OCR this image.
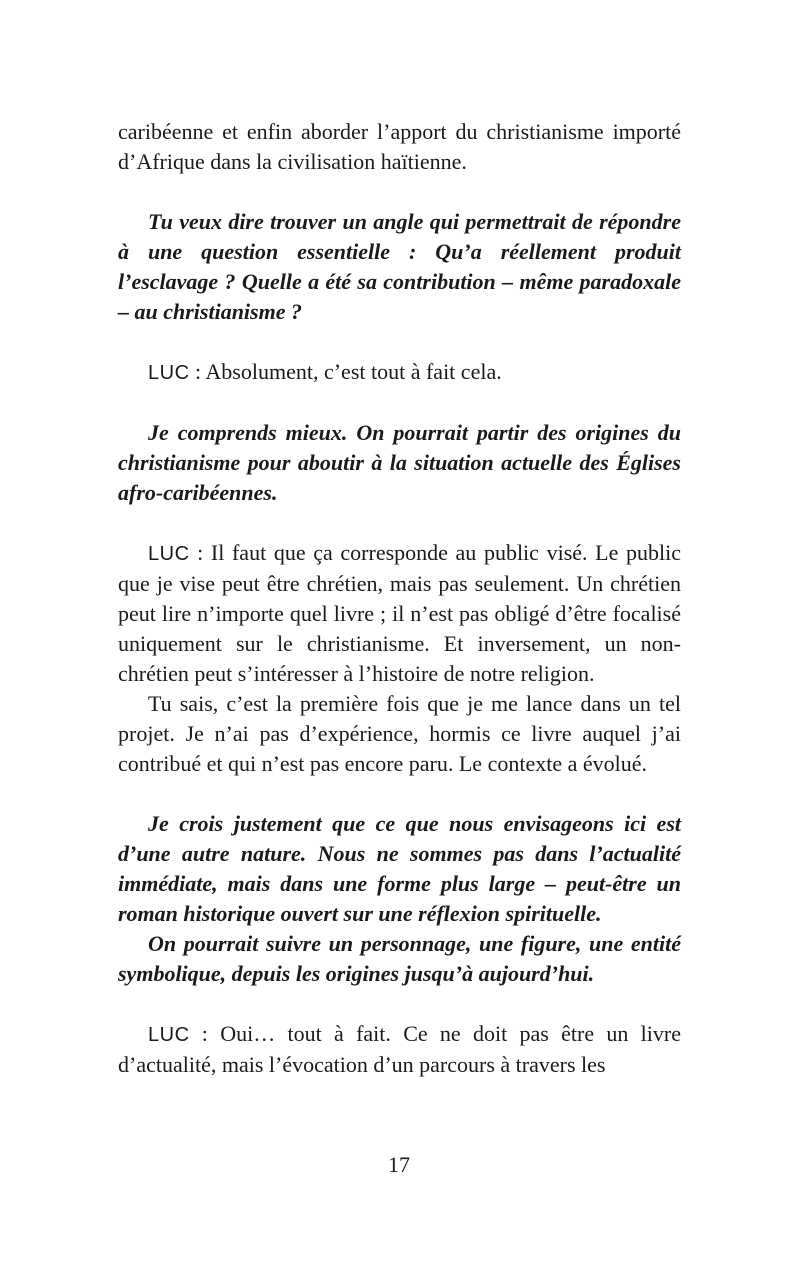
caribéenne et enfin aborder l’apport du christianisme importé d’Afrique dans la civilisation haïtienne.

Tu veux dire trouver un angle qui permettrait de répondre à une question essentielle : Qu’a réellement produit l’esclavage ? Quelle a été sa contribution – même paradoxale – au christianisme ?

LUC : Absolument, c’est tout à fait cela.

Je comprends mieux. On pourrait partir des origines du christianisme pour aboutir à la situation actuelle des Églises afro-caribéennes.

LUC : Il faut que ça corresponde au public visé. Le public que je vise peut être chrétien, mais pas seulement. Un chrétien peut lire n’importe quel livre ; il n’est pas obligé d’être focalisé uniquement sur le christianisme. Et inversement, un non-chrétien peut s’intéresser à l’histoire de notre religion.

Tu sais, c’est la première fois que je me lance dans un tel projet. Je n’ai pas d’expérience, hormis ce livre auquel j’ai contribué et qui n’est pas encore paru. Le contexte a évolué.

Je crois justement que ce que nous envisageons ici est d’une autre nature. Nous ne sommes pas dans l’actualité immédiate, mais dans une forme plus large – peut-être un roman historique ouvert sur une réflexion spirituelle.

On pourrait suivre un personnage, une figure, une entité symbolique, depuis les origines jusqu’à aujourd’hui.

LUC : Oui… tout à fait. Ce ne doit pas être un livre d’actualité, mais l’évocation d’un parcours à travers les

17
